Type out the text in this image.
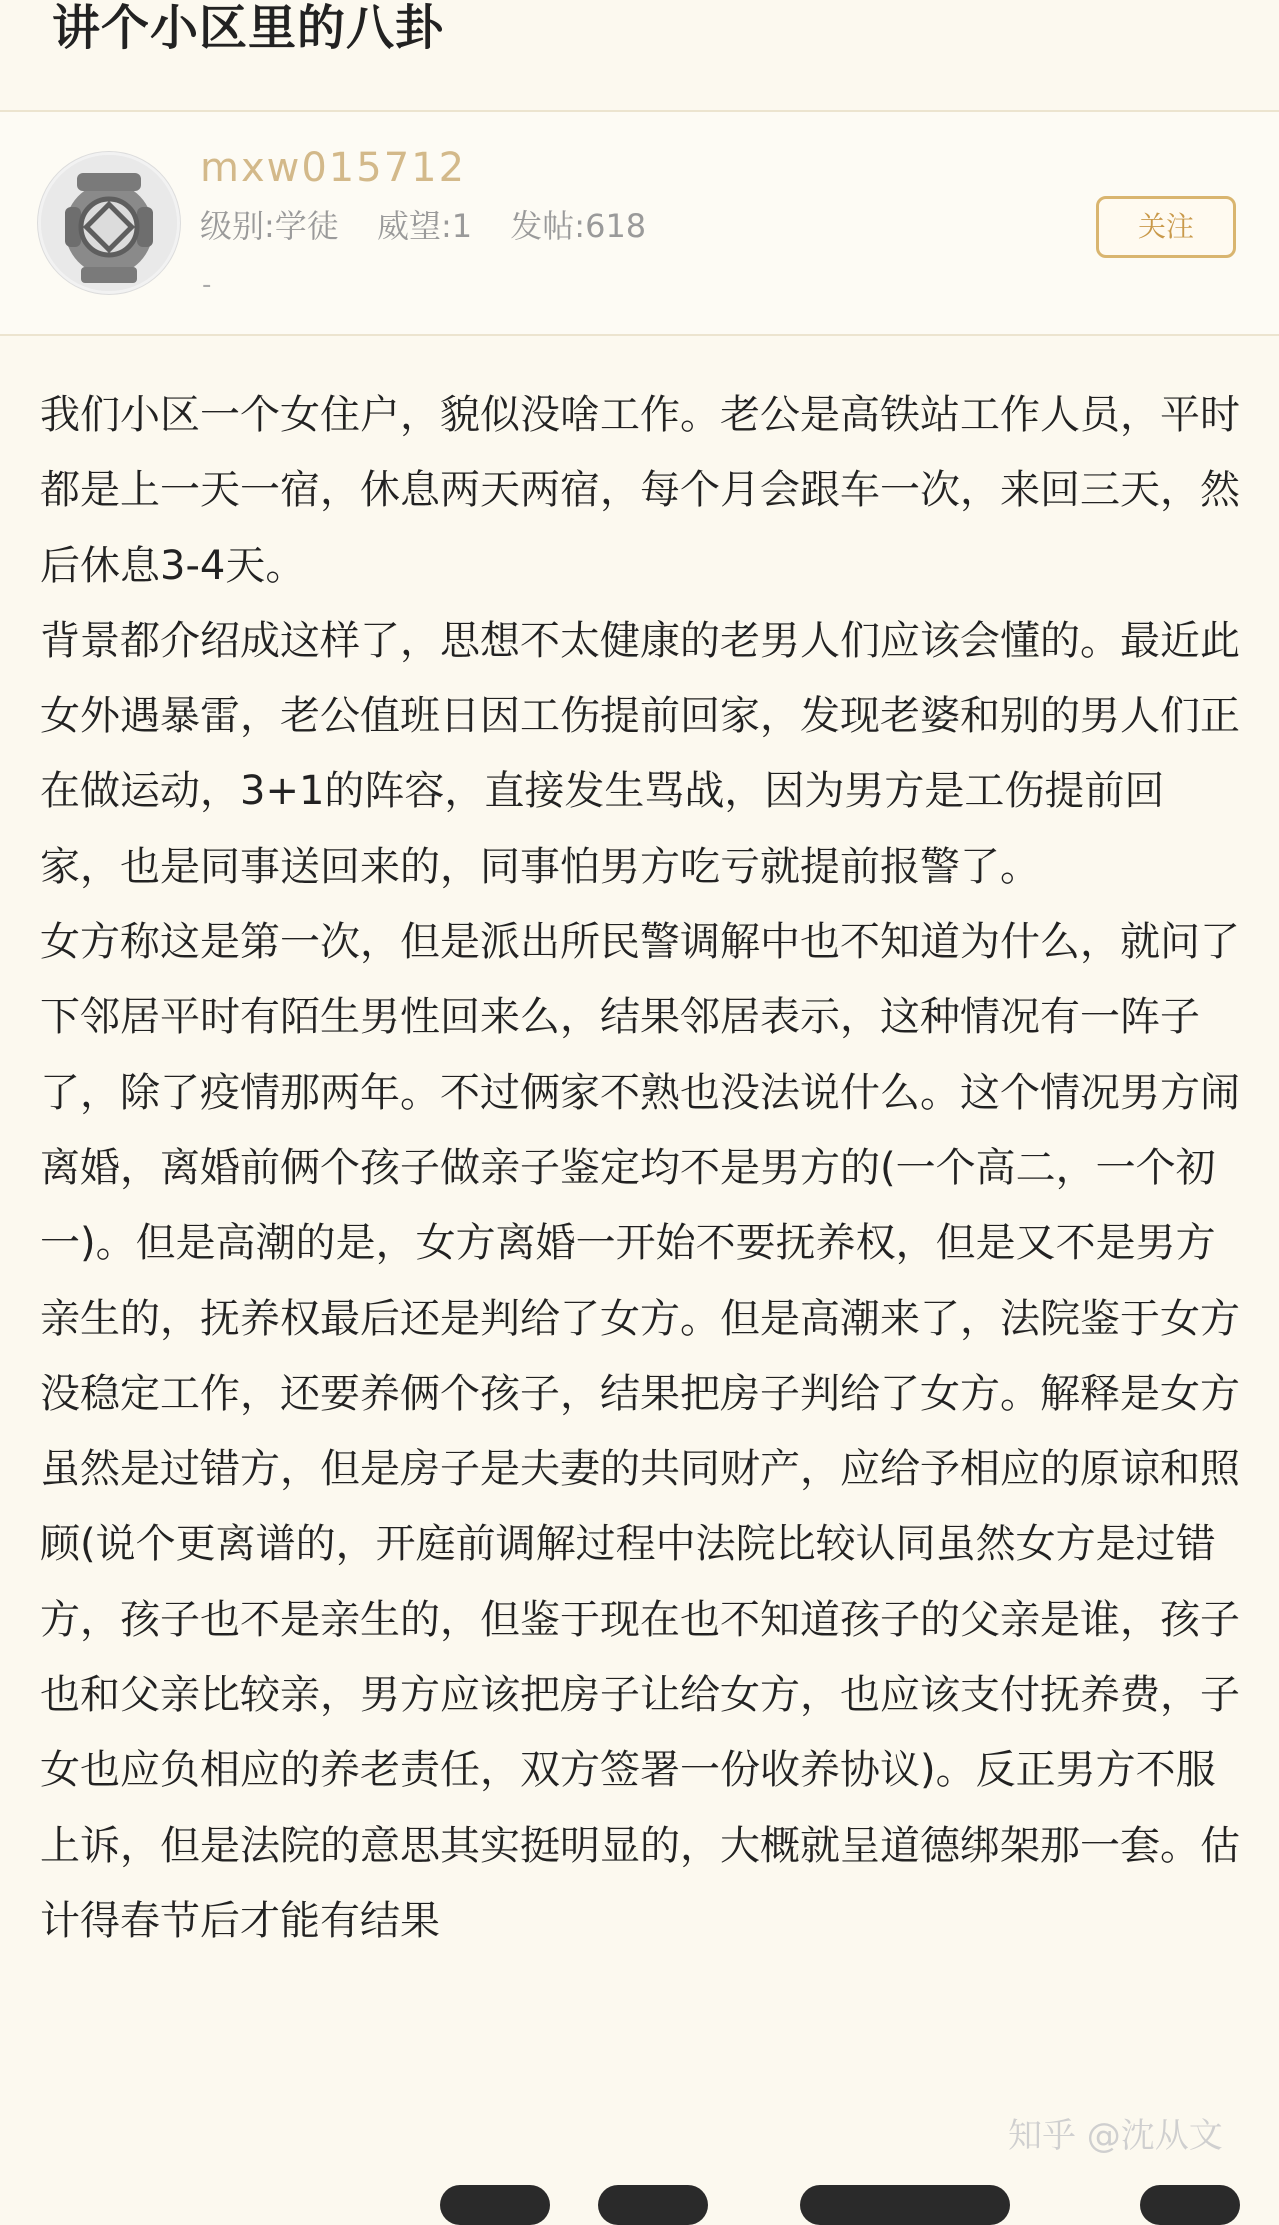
讲个小区里的八卦
mxw015712
级别:学徒 威望:1 发帖:618
-
关注

我们小区一个女住户，貌似没啥工作。老公是高铁站工作人员，平时都是上一天一宿，休息两天两宿，每个月会跟车一次，来回三天，然后休息3-4天。

背景都介绍成这样了，思想不太健康的老男人们应该会懂的。最近此女外遇暴雷，老公值班日因工伤提前回家，发现老婆和别的男人们正在做运动，3+1的阵容，直接发生骂战，因为男方是工伤提前回家，也是同事送回来的，同事怕男方吃亏就提前报警了。

女方称这是第一次，但是派出所民警调解中也不知道为什么，就问了下邻居平时有陌生男性回来么，结果邻居表示，这种情况有一阵子了，除了疫情那两年。不过俩家不熟也没法说什么。这个情况男方闹离婚，离婚前俩个孩子做亲子鉴定均不是男方的(一个高二，一个初一)。但是高潮的是，女方离婚一开始不要抚养权，但是又不是男方亲生的，抚养权最后还是判给了女方。但是高潮来了，法院鉴于女方没稳定工作，还要养俩个孩子，结果把房子判给了女方。解释是女方虽然是过错方，但是房子是夫妻的共同财产，应给予相应的原谅和照顾(说个更离谱的，开庭前调解过程中法院比较认同虽然女方是过错方，孩子也不是亲生的，但鉴于现在也不知道孩子的父亲是谁，孩子也和父亲比较亲，男方应该把房子让给女方，也应该支付抚养费，子女也应负相应的养老责任，双方签署一份收养协议)。反正男方不服上诉，但是法院的意思其实挺明显的，大概就呈道德绑架那一套。估计得春节后才能有结果

知乎 @沈从文
